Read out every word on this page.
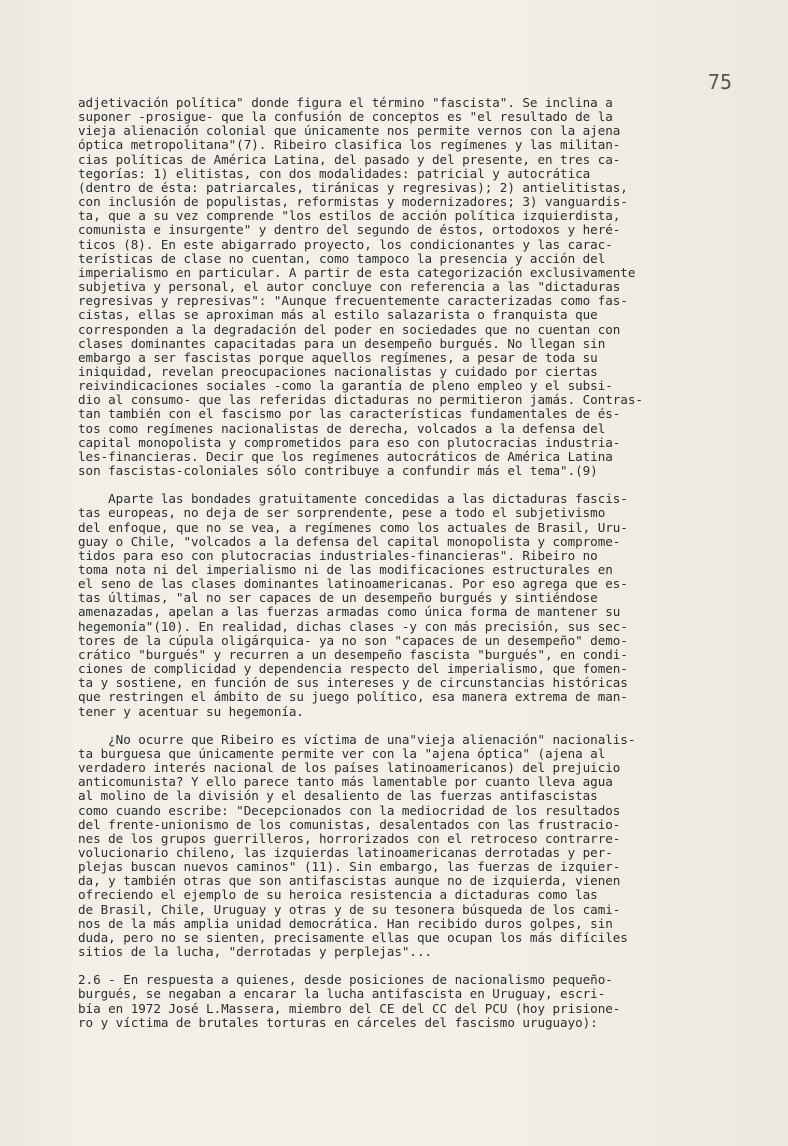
75
adjetivación política" donde figura el término "fascista". Se inclina a
suponer -prosigue- que la confusión de conceptos es "el resultado de la
vieja alienación colonial que únicamente nos permite vernos con la ajena
óptica metropolitana"(7). Ribeiro clasifica los regímenes y las militan-
cias políticas de América Latina, del pasado y del presente, en tres ca-
tegorías: 1) elitistas, con dos modalidades: patricial y autocrática
(dentro de ésta: patriarcales, tiránicas y regresivas); 2) antielitistas,
con inclusión de populistas, reformistas y modernizadores; 3) vanguardis-
ta, que a su vez comprende "los estilos de acción política izquierdista,
comunista e insurgente" y dentro del segundo de éstos, ortodoxos y heré-
ticos (8). En este abigarrado proyecto, los condicionantes y las carac-
terísticas de clase no cuentan, como tampoco la presencia y acción del
imperialismo en particular. A partir de esta categorización exclusivamente
subjetiva y personal, el autor concluye con referencia a las "dictaduras
regresivas y represivas": "Aunque frecuentemente caracterizadas como fas-
cistas, ellas se aproximan más al estilo salazarista o franquista que
corresponden a la degradación del poder en sociedades que no cuentan con
clases dominantes capacitadas para un desempeño burgués. No llegan sin
embargo a ser fascistas porque aquellos regímenes, a pesar de toda su
iniquidad, revelan preocupaciones nacionalistas y cuidado por ciertas
reivindicaciones sociales -como la garantía de pleno empleo y el subsi-
dio al consumo- que las referidas dictaduras no permitieron jamás. Contras-
tan también con el fascismo por las características fundamentales de és-
tos como regímenes nacionalistas de derecha, volcados a la defensa del
capital monopolista y comprometidos para eso con plutocracias industria-
les-financieras. Decir que los regímenes autocráticos de América Latina
son fascistas-coloniales sólo contribuye a confundir más el tema".(9)
Aparte las bondades gratuitamente concedidas a las dictaduras fascis-
tas europeas, no deja de ser sorprendente, pese a todo el subjetivismo
del enfoque, que no se vea, a regímenes como los actuales de Brasil, Uru-
guay o Chile, "volcados a la defensa del capital monopolista y comprome-
tidos para eso con plutocracias industriales-financieras". Ribeiro no
toma nota ni del imperialismo ni de las modificaciones estructurales en
el seno de las clases dominantes latinoamericanas. Por eso agrega que es-
tas últimas, "al no ser capaces de un desempeño burgués y sintiéndose
amenazadas, apelan a las fuerzas armadas como única forma de mantener su
hegemonía"(10). En realidad, dichas clases -y con más precisión, sus sec-
tores de la cúpula oligárquica- ya no son "capaces de un desempeño" demo-
crático "burgués" y recurren a un desempeño fascista "burgués", en condi-
ciones de complicidad y dependencia respecto del imperialismo, que fomen-
ta y sostiene, en función de sus intereses y de circunstancias históricas
que restringen el ámbito de su juego político, esa manera extrema de man-
tener y acentuar su hegemonía.
¿No ocurre que Ribeiro es víctima de una"vieja alienación" nacionalis-
ta burguesa que únicamente permite ver con la "ajena óptica" (ajena al
verdadero interés nacional de los países latinoamericanos) del prejuicio
anticomunista? Y ello parece tanto más lamentable por cuanto lleva agua
al molino de la división y el desaliento de las fuerzas antifascistas
como cuando escribe: "Decepcionados con la mediocridad de los resultados
del frente-unionismo de los comunistas, desalentados con las frustracio-
nes de los grupos guerrilleros, horrorizados con el retroceso contrarre-
volucionario chileno, las izquierdas latinoamericanas derrotadas y per-
plejas buscan nuevos caminos" (11). Sin embargo, las fuerzas de izquier-
da, y también otras que son antifascistas aunque no de izquierda, vienen
ofreciendo el ejemplo de su heroica resistencia a dictaduras como las
de Brasil, Chile, Uruguay y otras y de su tesonera búsqueda de los cami-
nos de la más amplia unidad democrática. Han recibido duros golpes, sin
duda, pero no se sienten, precisamente ellas que ocupan los más difíciles
sitios de la lucha, "derrotadas y perplejas"...
2.6 - En respuesta a quienes, desde posiciones de nacionalismo pequeño-
burgués, se negaban a encarar la lucha antifascista en Uruguay, escri-
bía en 1972 José L.Massera, miembro del CE del CC del PCU (hoy prisione-
ro y víctima de brutales torturas en cárceles del fascismo uruguayo):
